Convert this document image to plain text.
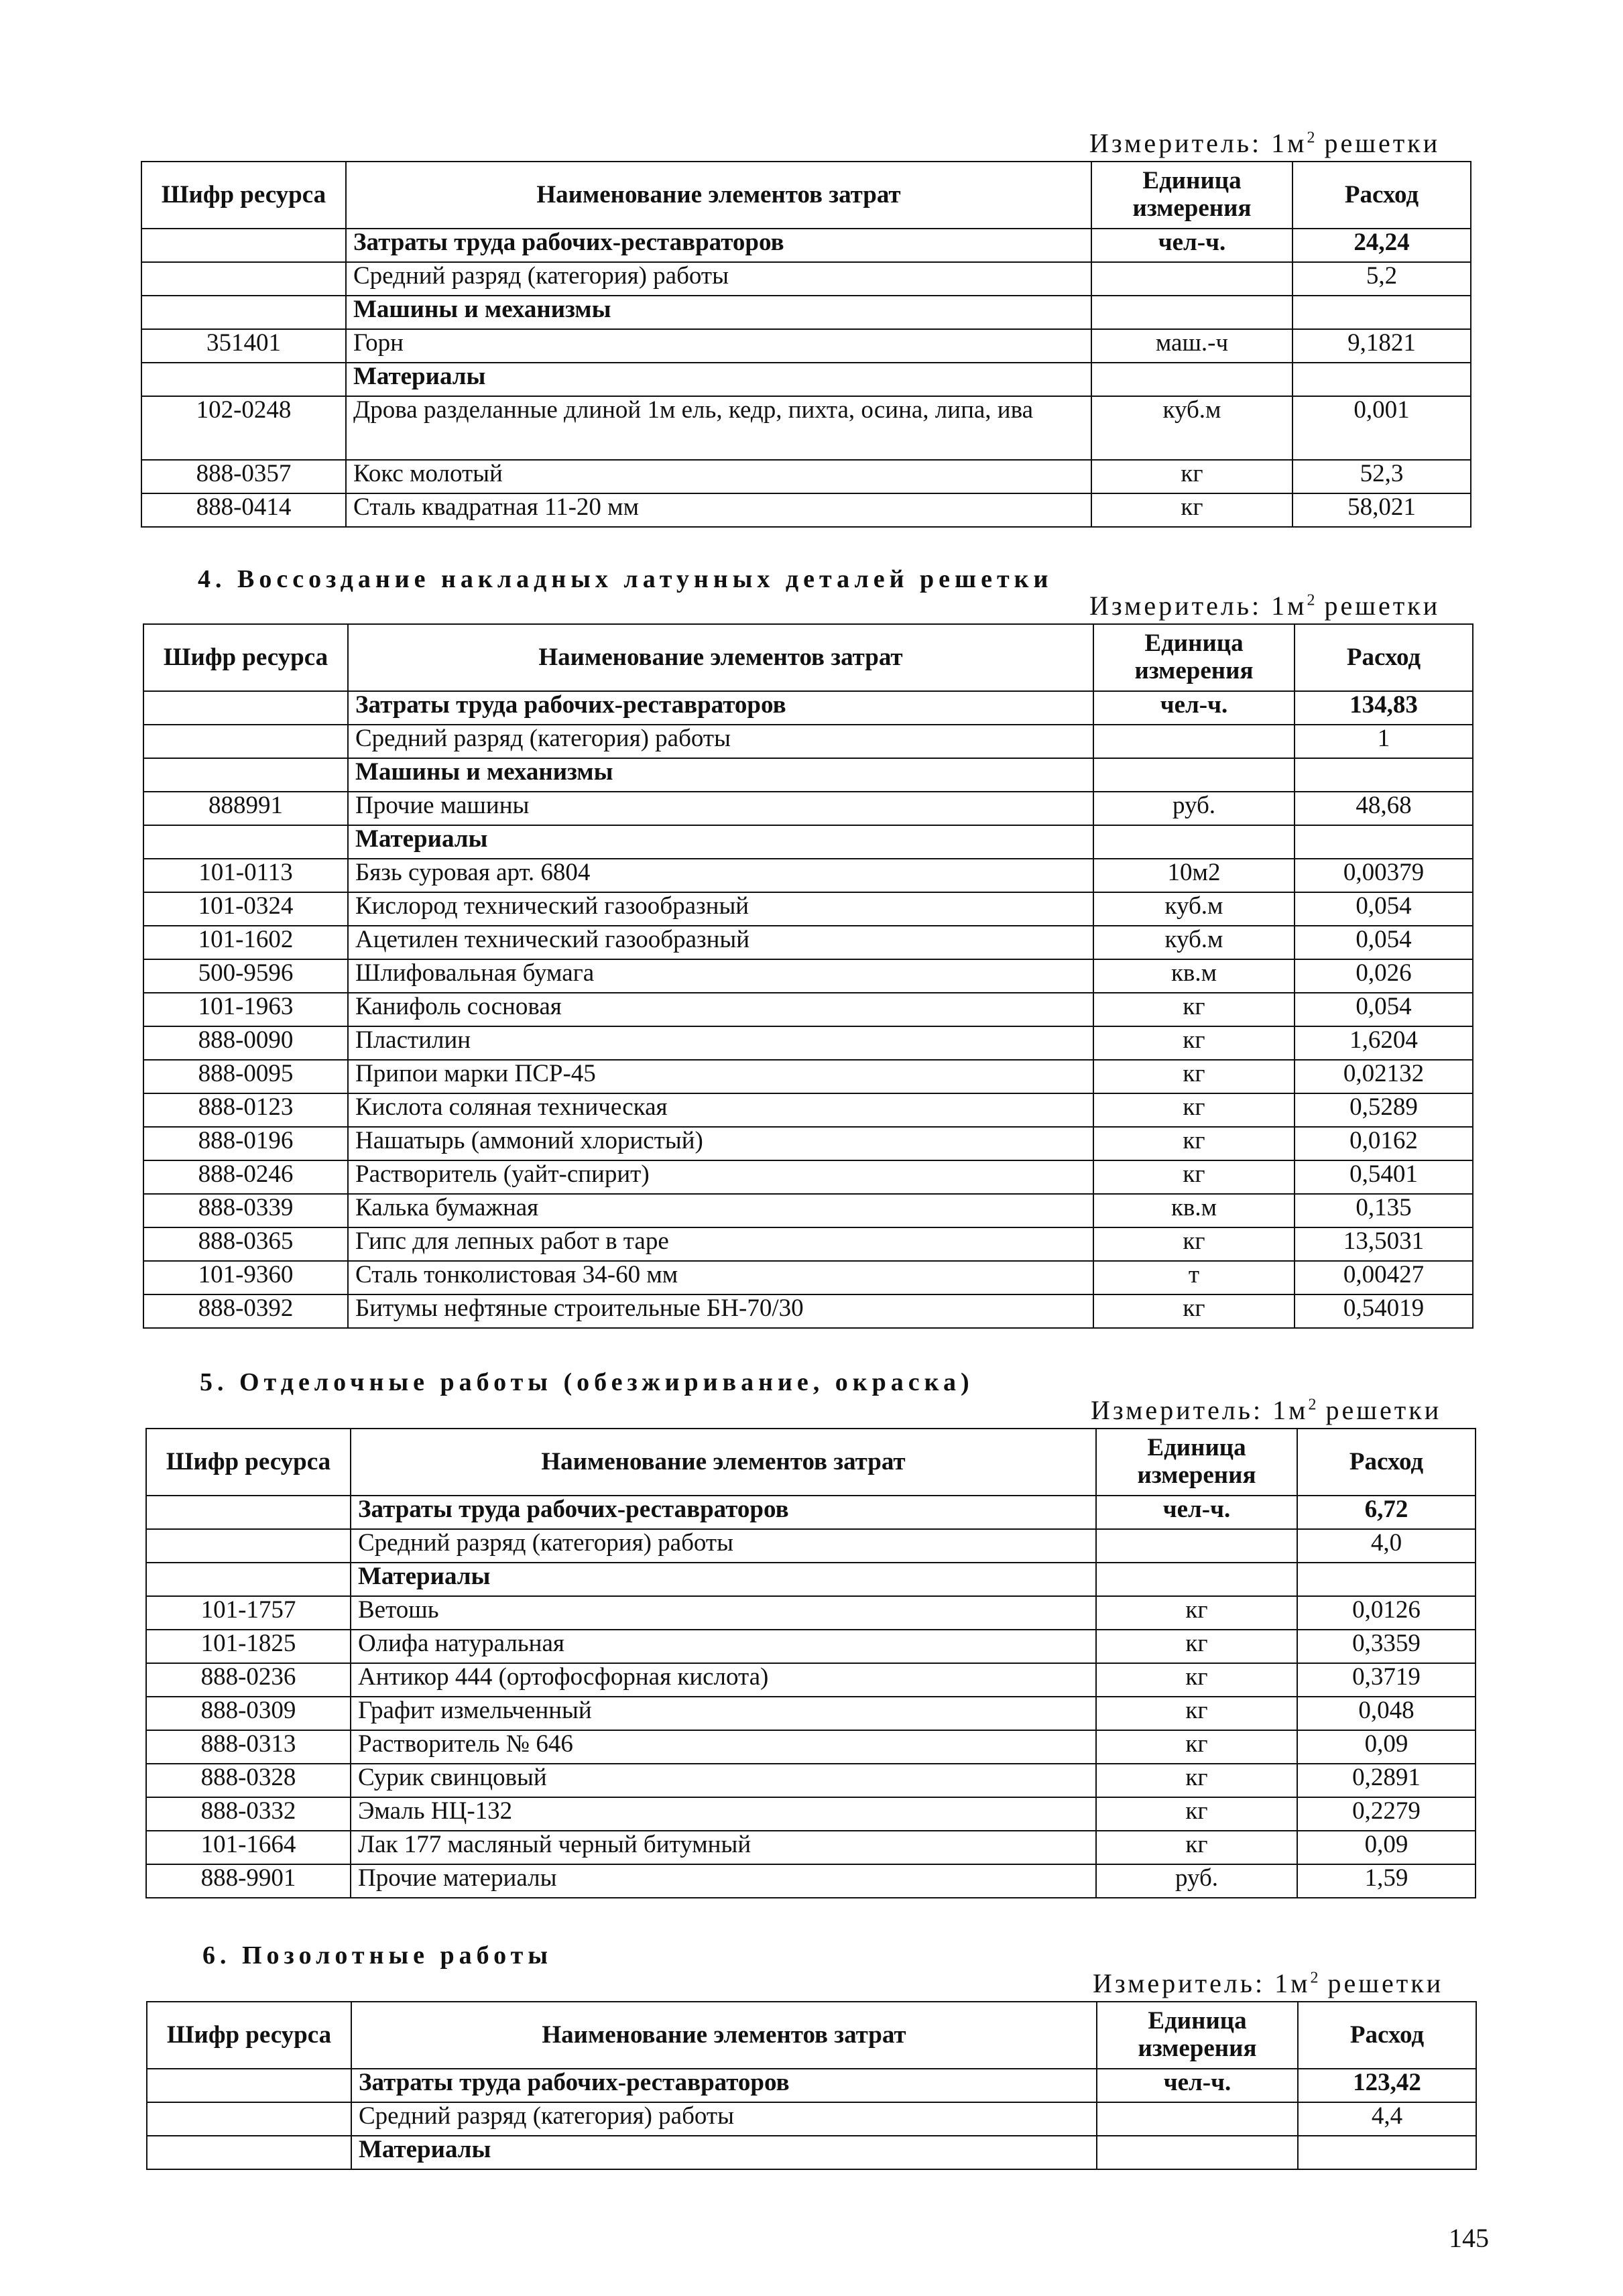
Измеритель: $1м^2$ решетки
Шифр ресурса	Наименование элементов затрат	Единица измерения	Расход
	Затраты труда рабочих-реставраторов	чел-ч.	24,24
	Средний разряд (категория) работы		5,2
	Машины и механизмы		
351401	Горн	маш.-ч	9,1821
	Материалы		
102-0248	Дрова разделанные длиной 1м ель, кедр, пихта, осина, липа, ива	куб.м	0,001
888-0357	Кокс молотый	кг	52,3
888-0414	Сталь квадратная 11-20 мм	кг	58,021
4. Воссоздание накладных латунных деталей решетки
Измеритель: $1м^2$ решетки
Шифр ресурса	Наименование элементов затрат	Единица измерения	Расход
	Затраты труда рабочих-реставраторов	чел-ч.	134,83
	Средний разряд (категория) работы		1
	Машины и механизмы		
888991	Прочие машины	руб.	48,68
	Материалы		
101-0113	Бязь суровая арт. 6804	10м2	0,00379
101-0324	Кислород технический газообразный	куб.м	0,054
101-1602	Ацетилен технический газообразный	куб.м	0,054
500-9596	Шлифовальная бумага	кв.м	0,026
101-1963	Канифоль сосновая	кг	0,054
888-0090	Пластилин	кг	1,6204
888-0095	Припои марки ПСР-45	кг	0,02132
888-0123	Кислота соляная техническая	кг	0,5289
888-0196	Нашатырь (аммоний хлористый)	кг	0,0162
888-0246	Растворитель (уайт-спирит)	кг	0,5401
888-0339	Калька бумажная	кв.м	0,135
888-0365	Гипс для лепных работ в таре	кг	13,5031
101-9360	Сталь тонколистовая 34-60 мм	т	0,00427
888-0392	Битумы нефтяные строительные БН-70/30	кг	0,54019
5. Отделочные работы (обезжиривание, окраска)
Измеритель: $1м^2$ решетки
Шифр ресурса	Наименование элементов затрат	Единица измерения	Расход
	Затраты труда рабочих-реставраторов	чел-ч.	6,72
	Средний разряд (категория) работы		4,0
	Материалы		
101-1757	Ветошь	кг	0,0126
101-1825	Олифа натуральная	кг	0,3359
888-0236	Антикор 444 (ортофосфорная кислота)	кг	0,3719
888-0309	Графит измельченный	кг	0,048
888-0313	Растворитель № 646	кг	0,09
888-0328	Сурик свинцовый	кг	0,2891
888-0332	Эмаль НЦ-132	кг	0,2279
101-1664	Лак 177 масляный черный битумный	кг	0,09
888-9901	Прочие материалы	руб.	1,59
6. Позолотные работы
Измеритель: $1м^2$ решетки
Шифр ресурса	Наименование элементов затрат	Единица измерения	Расход
	Затраты труда рабочих-реставраторов	чел-ч.	123,42
	Средний разряд (категория) работы		4,4
	Материалы		
145
